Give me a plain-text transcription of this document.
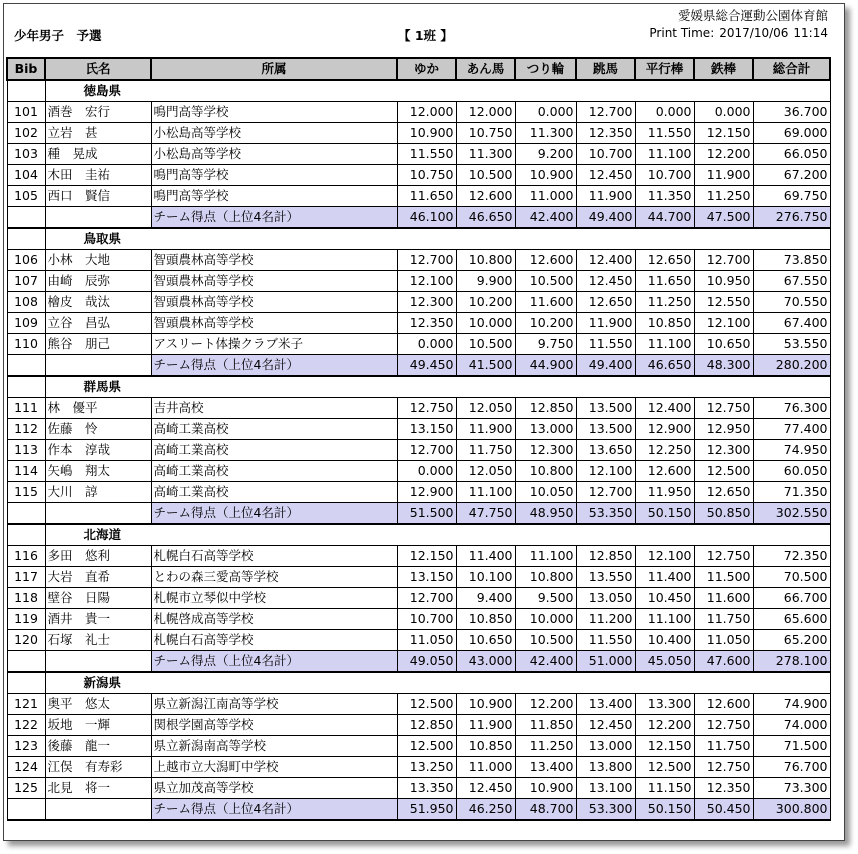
愛媛県総合運動公園体育館
少年男子　予選	【 1班 】	Print Time: 2017/10/06 11:14
Bib	氏名	所属	ゆか	あん馬	つり輪	跳馬	平行棒	鉄棒	総合計
	徳島県								
101	酒巻　宏行	鳴門高等学校	12.000	12.000	0.000	12.700	0.000	0.000	36.700
102	立岩　甚	小松島高等学校	10.900	10.750	11.300	12.350	11.550	12.150	69.000
103	種　晃成	小松島高等学校	11.550	11.300	9.200	10.700	11.100	12.200	66.050
104	木田　圭祐	鳴門高等学校	10.750	10.500	10.900	12.450	10.700	11.900	67.200
105	西口　賢信	鳴門高等学校	11.650	12.600	11.000	11.900	11.350	11.250	69.750
		チーム得点（上位4名計）	46.100	46.650	42.400	49.400	44.700	47.500	276.750
	鳥取県								
106	小林　大地	智頭農林高等学校	12.700	10.800	12.600	12.400	12.650	12.700	73.850
107	由崎　辰弥	智頭農林高等学校	12.100	9.900	10.500	12.450	11.650	10.950	67.550
108	檜皮　哉汰	智頭農林高等学校	12.300	10.200	11.600	12.650	11.250	12.550	70.550
109	立谷　昌弘	智頭農林高等学校	12.350	10.000	10.200	11.900	10.850	12.100	67.400
110	熊谷　朋己	アスリート体操クラブ米子	0.000	10.500	9.750	11.550	11.100	10.650	53.550
		チーム得点（上位4名計）	49.450	41.500	44.900	49.400	46.650	48.300	280.200
	群馬県								
111	林　優平	吉井高校	12.750	12.050	12.850	13.500	12.400	12.750	76.300
112	佐藤　怜	高崎工業高校	13.150	11.900	13.000	13.500	12.900	12.950	77.400
113	作本　淳哉	高崎工業高校	12.700	11.750	12.300	13.650	12.250	12.300	74.950
114	矢嶋　翔太	高崎工業高校	0.000	12.050	10.800	12.100	12.600	12.500	60.050
115	大川　諄	高崎工業高校	12.900	11.100	10.050	12.700	11.950	12.650	71.350
		チーム得点（上位4名計）	51.500	47.750	48.950	53.350	50.150	50.850	302.550
	北海道								
116	多田　悠利	札幌白石高等学校	12.150	11.400	11.100	12.850	12.100	12.750	72.350
117	大岩　直希	とわの森三愛高等学校	13.150	10.100	10.800	13.550	11.400	11.500	70.500
118	壁谷　日陽	札幌市立琴似中学校	12.700	9.400	9.500	13.050	10.450	11.600	66.700
119	酒井　貴一	札幌啓成高等学校	10.700	10.850	10.000	11.200	11.100	11.750	65.600
120	石塚　礼士	札幌白石高等学校	11.050	10.650	10.500	11.550	10.400	11.050	65.200
		チーム得点（上位4名計）	49.050	43.000	42.400	51.000	45.050	47.600	278.100
	新潟県								
121	奥平　悠太	県立新潟江南高等学校	12.500	10.900	12.200	13.400	13.300	12.600	74.900
122	坂地　一輝	関根学園高等学校	12.850	11.900	11.850	12.450	12.200	12.750	74.000
123	後藤　龍一	県立新潟南高等学校	12.500	10.850	11.250	13.000	12.150	11.750	71.500
124	江俣　有寿彩	上越市立大潟町中学校	13.250	11.000	13.400	13.800	12.500	12.750	76.700
125	北見　将一	県立加茂高等学校	13.350	12.450	10.900	13.100	11.150	12.350	73.300
		チーム得点（上位4名計）	51.950	46.250	48.700	53.300	50.150	50.450	300.800
